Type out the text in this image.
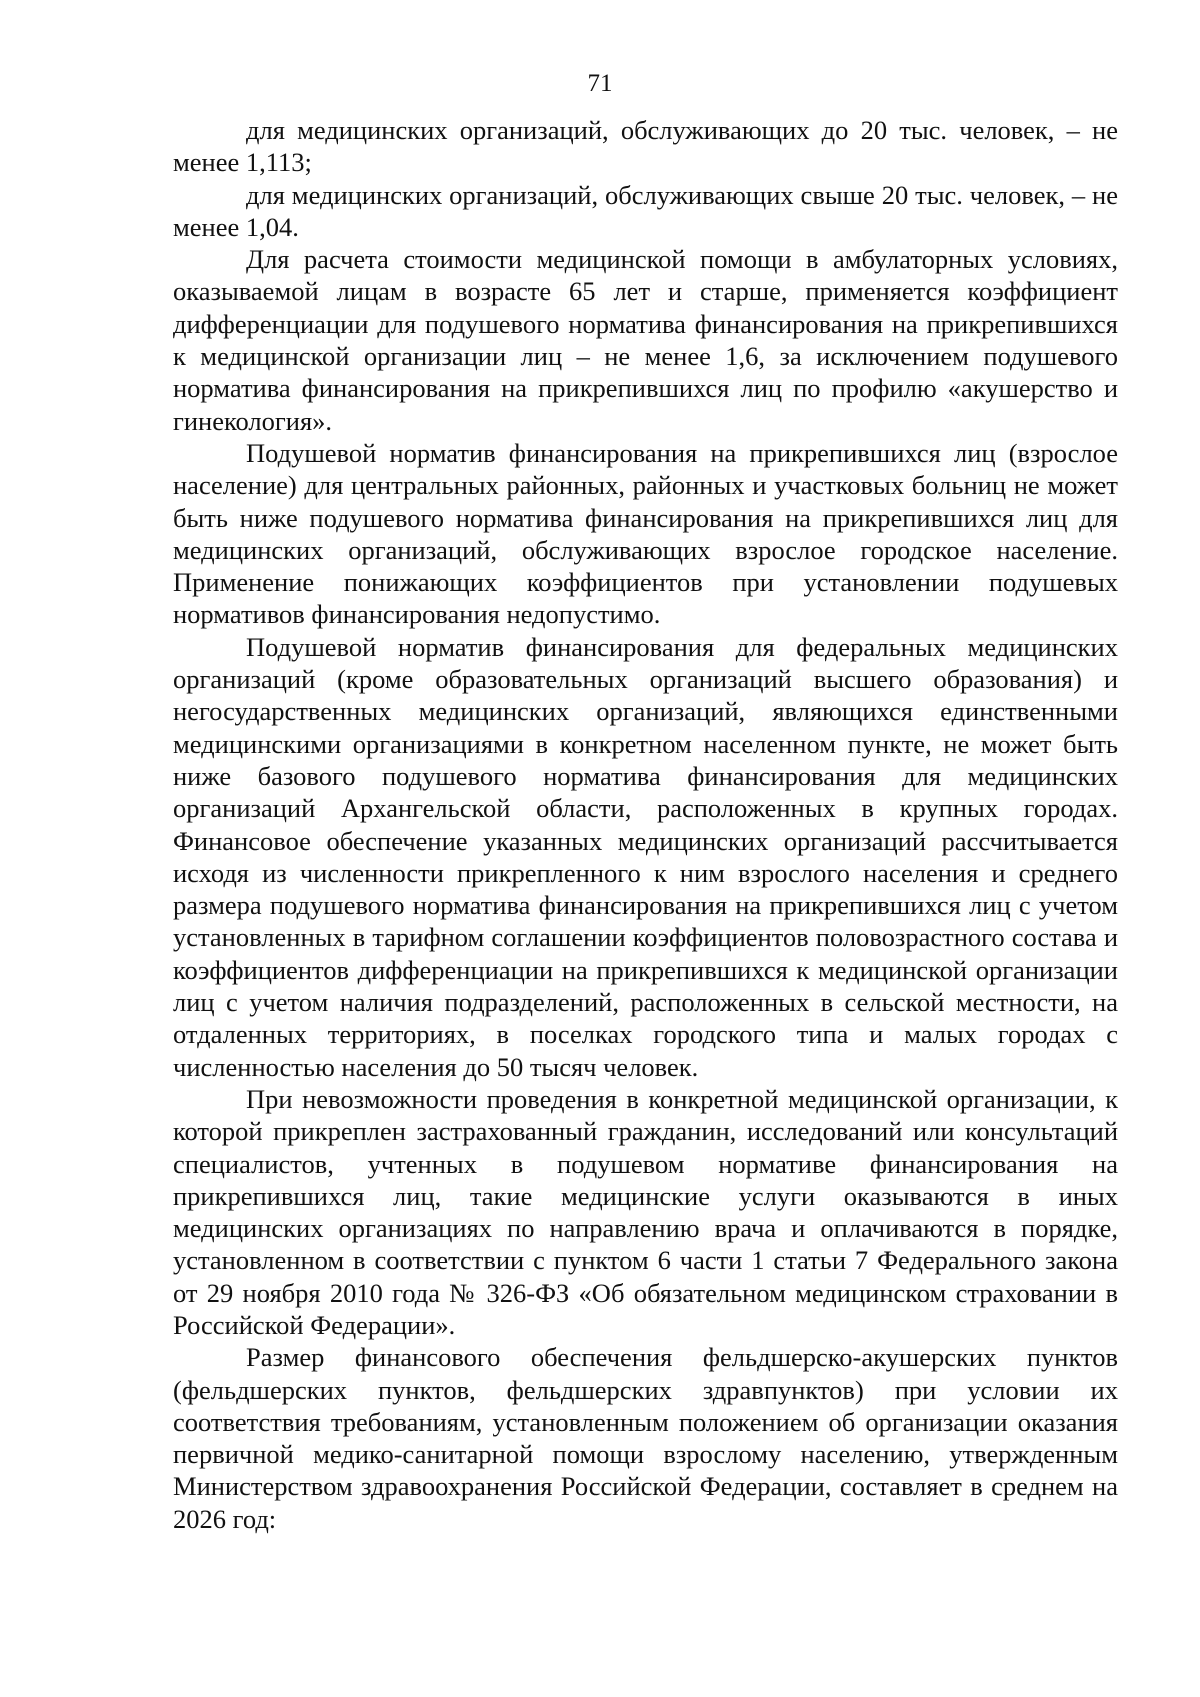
71

для медицинских организаций, обслуживающих до 20 тыс. человек, – не менее 1,113;

для медицинских организаций, обслуживающих свыше 20 тыс. человек, – не менее 1,04.

Для расчета стоимости медицинской помощи в амбулаторных условиях, оказываемой лицам в возрасте 65 лет и старше, применяется коэффициент дифференциации для подушевого норматива финансирования на прикрепившихся к медицинской организации лиц – не менее 1,6, за исключением подушевого норматива финансирования на прикрепившихся лиц по профилю «акушерство и гинекология».

Подушевой норматив финансирования на прикрепившихся лиц (взрослое население) для центральных районных, районных и участковых больниц не может быть ниже подушевого норматива финансирования на прикрепившихся лиц для медицинских организаций, обслуживающих взрослое городское население. Применение понижающих коэффициентов при установлении подушевых нормативов финансирования недопустимо.

Подушевой норматив финансирования для федеральных медицинских организаций (кроме образовательных организаций высшего образования) и негосударственных медицинских организаций, являющихся единственными медицинскими организациями в конкретном населенном пункте, не может быть ниже базового подушевого норматива финансирования для медицинских организаций Архангельской области, расположенных в крупных городах. Финансовое обеспечение указанных медицинских организаций рассчитывается исходя из численности прикрепленного к ним взрослого населения и среднего размера подушевого норматива финансирования на прикрепившихся лиц с учетом установленных в тарифном соглашении коэффициентов половозрастного состава и коэффициентов дифференциации на прикрепившихся к медицинской организации лиц с учетом наличия подразделений, расположенных в сельской местности, на отдаленных территориях, в поселках городского типа и малых городах с численностью населения до 50 тысяч человек.

При невозможности проведения в конкретной медицинской организации, к которой прикреплен застрахованный гражданин, исследований или консультаций специалистов, учтенных в подушевом нормативе финансирования на прикрепившихся лиц, такие медицинские услуги оказываются в иных медицинских организациях по направлению врача и оплачиваются в порядке, установленном в соответствии с пунктом 6 части 1 статьи 7 Федерального закона от 29 ноября 2010 года № 326-ФЗ «Об обязательном медицинском страховании в Российской Федерации».

Размер финансового обеспечения фельдшерско-акушерских пунктов (фельдшерских пунктов, фельдшерских здравпунктов) при условии их соответствия требованиям, установленным положением об организации оказания первичной медико-санитарной помощи взрослому населению, утвержденным Министерством здравоохранения Российской Федерации, составляет в среднем на 2026 год:
